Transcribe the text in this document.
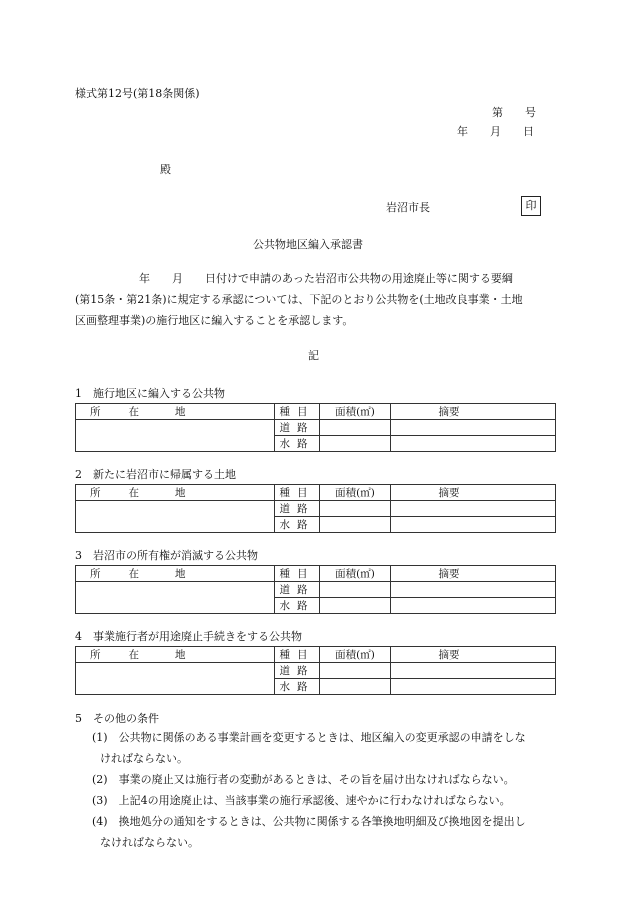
様式第12号(第18条関係)
第　　号
年　　月　　日
殿
岩沼市長	印
公共物地区編入承認書
年　　月　　日付けで申請のあった岩沼市公共物の用途廃止等に関する要綱
(第15条・第21条)に規定する承認については、下記のとおり公共物を(土地改良事業・土地
区画整理事業)の施行地区に編入することを承認します。
記
1　施行地区に編入する公共物
所 在 地	種目	面積(㎡)	摘要
	道路		
	水路		
2　新たに岩沼市に帰属する土地
所 在 地	種目	面積(㎡)	摘要
	道路		
	水路		
3　岩沼市の所有権が消滅する公共物
所 在 地	種目	面積(㎡)	摘要
	道路		
	水路		
4　事業施行者が用途廃止手続きをする公共物
所 在 地	種目	面積(㎡)	摘要
	道路		
	水路		
5　その他の条件
(1)　公共物に関係のある事業計画を変更するときは、地区編入の変更承認の申請をしな
ければならない。
(2)　事業の廃止又は施行者の変動があるときは、その旨を届け出なければならない。
(3)　上記4の用途廃止は、当該事業の施行承認後、速やかに行わなければならない。
(4)　換地処分の通知をするときは、公共物に関係する各筆換地明細及び換地図を提出し
なければならない。
